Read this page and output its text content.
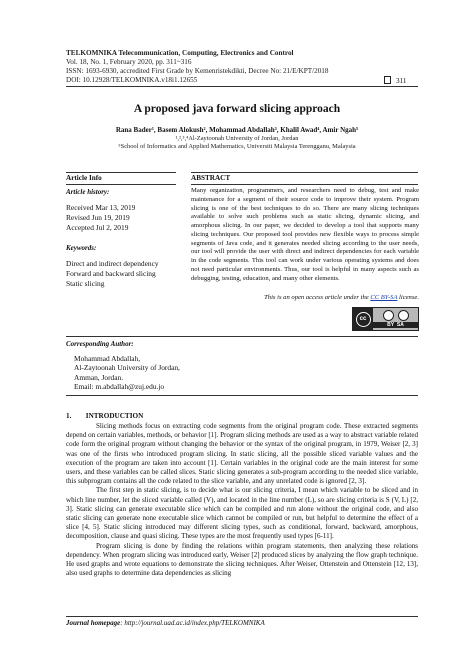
TELKOMNIKA Telecommunication, Computing, Electronics and Control
Vol. 18, No. 1, February 2020, pp. 311~316
ISSN: 1693-6930, accredited First Grade by Kemenristekdikti, Decree No: 21/E/KPT/2018
DOI: 10.12928/TELKOMNIKA.v18i1.12655	311
A proposed java forward slicing approach
Rana Bader¹, Basem Alokush², Mohammad Abdallah³, Khalil Awad⁴, Amir Ngah⁵
¹,²,³,⁴Al-Zaytoonah University of Jordan, Jordan
⁵School of Informatics and Applied Mathematics, Universiti Malaysia Terengganu, Malaysia
Article Info
Article history:
Received Mar 13, 2019
Revised Jun 19, 2019
Accepted Jul 2, 2019
Keywords:
Direct and indirect dependency
Forward and backward slicing
Static slicing
ABSTRACT
Many organization, programmers, and researchers need to debug, test and make maintenance for a segment of their source code to improve their system. Program slicing is one of the best techniques to do so. There are many slicing techniques available to solve such problems such as static slicing, dynamic slicing, and amorphous slicing. In our paper, we decided to develop a tool that supports many slicing techniques. Our proposed tool provides new flexible ways to process simple segments of Java code, and it generates needed slicing according to the user needs, our tool will provide the user with direct and indirect dependencies for each variable in the code segments. This tool can work under various operating systems and does not need particular environments. Thus, our tool is helpful in many aspects such as debugging, testing, education, and many other elements.
This is an open access article under the CC BY-SA license.
cc
BY SA
Corresponding Author:
Mohammad Abdallah,
Al-Zaytoonah University of Jordan,
Amman, Jordan.
Email: m.abdallah@zuj.edu.jo
1.        INTRODUCTION

Slicing methods focus on extracting code segments from the original program code. These extracted segments depend on certain variables, methods, or behavior [1]. Program slicing methods are used as a way to abstract variable related code form the original program without changing the behavior or the syntax of the original program, in 1979, Weiser [2, 3] was one of the firsts who introduced program slicing. In static slicing, all the possible sliced variable values and the execution of the program are taken into account [1]. Certain variables in the original code are the main interest for some users, and these variables can be called slices. Static slicing generates a sub-program according to the needed slice variable, this subprogram contains all the code related to the slice variable, and any unrelated code is ignored [2, 3].

The first step in static slicing, is to decide what is our slicing criteria, I mean which variable to be sliced and in which line number, let the sliced variable called (V), and located in the line number (L), so are slicing criteria is S (V, L) [2, 3]. Static slicing can generate executable slice which can be compiled and run alone without the original code, and also static slicing can generate none executable slice which cannot be compiled or run, but helpful to determine the effect of a slice [4, 5]. Static slicing introduced may different slicing types, such as conditional, forward, backward, amorphous, decomposition, clause and quasi slicing. These types are the most frequently used types [6-11].

Program slicing is done by finding the relations within program statements, then analyzing these relations dependency. When program slicing was introduced early, Weiser [2] produced slices by analyzing the flow graph technique. He used graphs and wrote equations to demonstrate the slicing techniques. After Weiser, Ottenstein and Ottenstein [12, 13], also used graphs to determine data dependencies as slicing

Journal homepage: http://journal.uad.ac.id/index.php/TELKOMNIKA
